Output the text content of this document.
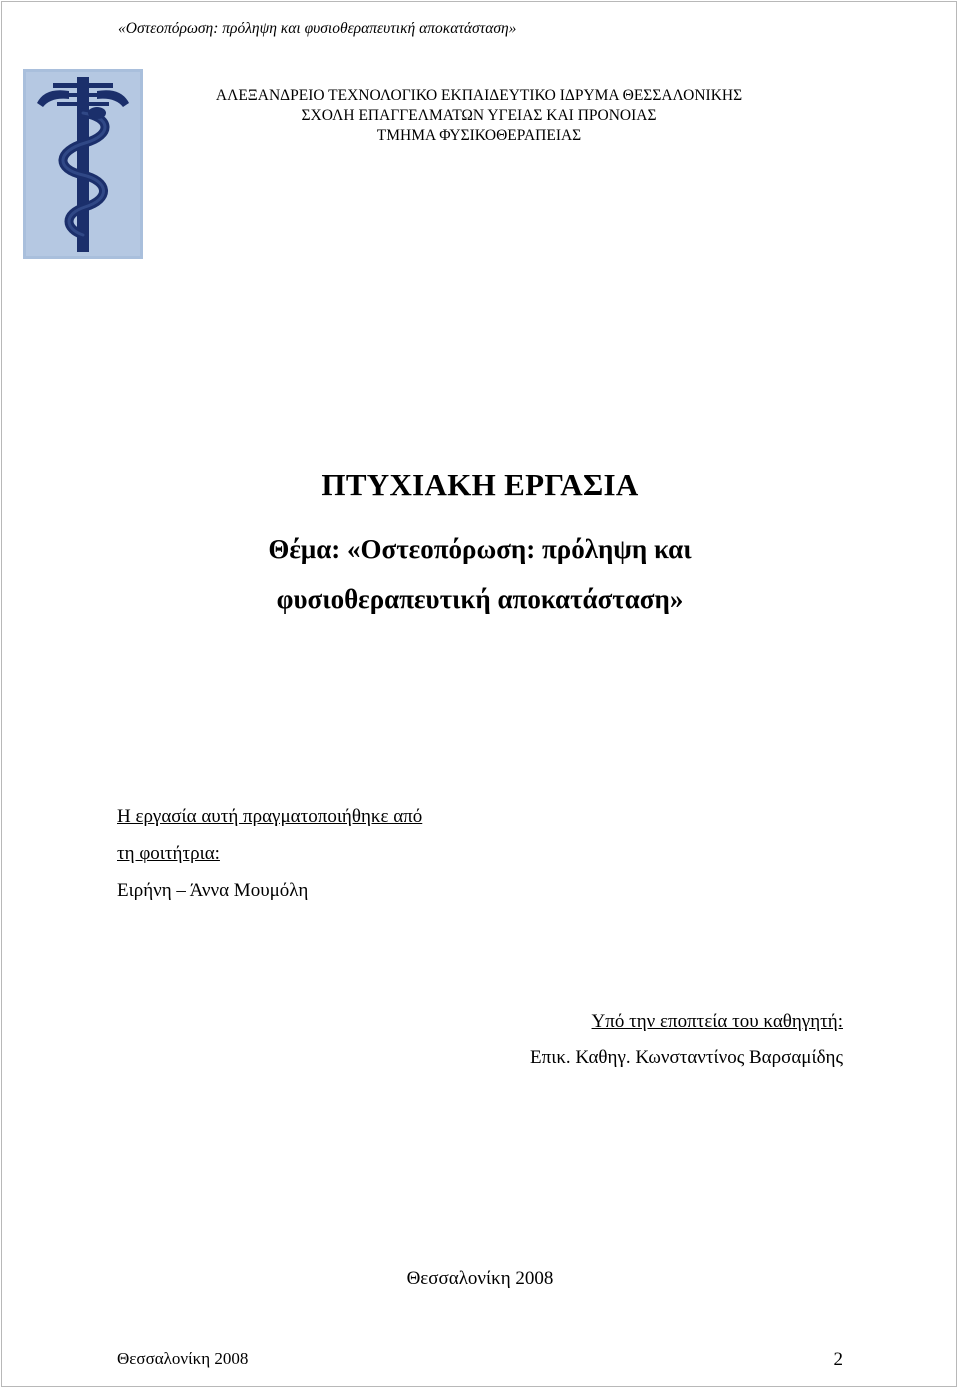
«Οστεοπόρωση: πρόληψη και φυσιοθεραπευτική αποκατάσταση»
ΑΛΕΞΑΝΔΡΕΙΟ ΤΕΧΝΟΛΟΓΙΚΟ ΕΚΠΑΙΔΕΥΤΙΚΟ ΙΔΡΥΜΑ ΘΕΣΣΑΛΟΝΙΚΗΣ
ΣΧΟΛΗ ΕΠΑΓΓΕΛΜΑΤΩΝ ΥΓΕΙΑΣ ΚΑΙ ΠΡΟΝΟΙΑΣ
ΤΜΗΜΑ ΦΥΣΙΚΟΘΕΡΑΠΕΙΑΣ
ΠΤΥΧΙΑΚΗ ΕΡΓΑΣΙΑ
Θέμα: «Οστεοπόρωση: πρόληψη και
φυσιοθεραπευτική αποκατάσταση»
Η εργασία αυτή πραγματοποιήθηκε από
τη φοιτήτρια:
Ειρήνη – Άννα Μουμόλη
Υπό την εποπτεία του καθηγητή:
Επικ. Καθηγ. Κωνσταντίνος Βαρσαμίδης
Θεσσαλονίκη 2008
Θεσσαλονίκη 2008	2
